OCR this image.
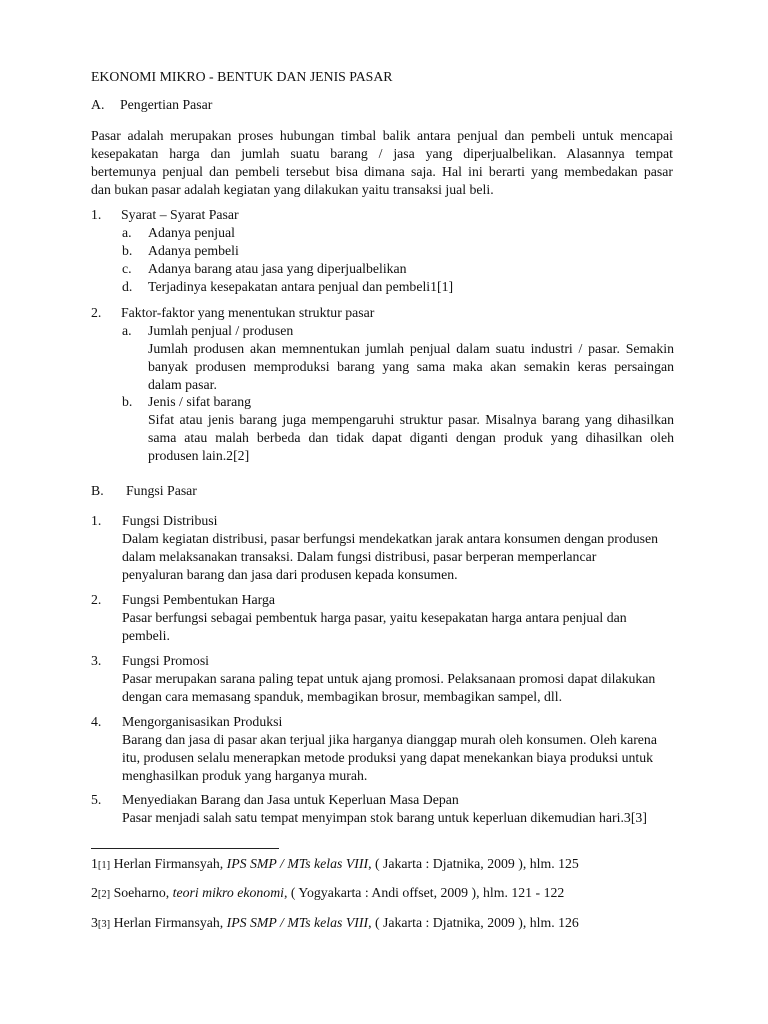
EKONOMI MIKRO - BENTUK DAN JENIS PASAR
A. Pengertian Pasar
Pasar adalah merupakan proses hubungan timbal balik antara penjual dan pembeli untuk mencapai
kesepakatan harga dan jumlah suatu barang / jasa yang diperjualbelikan. Alasannya tempat
bertemunya penjual dan pembeli tersebut bisa dimana saja. Hal ini berarti yang membedakan pasar
dan bukan pasar adalah kegiatan yang dilakukan yaitu transaksi jual beli.
1. Syarat – Syarat Pasar
a. Adanya penjual
b. Adanya pembeli
c. Adanya barang atau jasa yang diperjualbelikan
d. Terjadinya kesepakatan antara penjual dan pembeli1[1]
2. Faktor-faktor yang menentukan struktur pasar
a. Jumlah penjual / produsen
Jumlah produsen akan memnentukan jumlah penjual dalam suatu industri / pasar. Semakin
banyak produsen memproduksi barang yang sama maka akan semakin keras persaingan
dalam pasar.
b. Jenis / sifat barang
Sifat atau jenis barang juga mempengaruhi struktur pasar. Misalnya barang yang dihasilkan
sama atau malah berbeda dan tidak dapat diganti dengan produk yang dihasilkan oleh
produsen lain.2[2]
B. Fungsi Pasar
1. Fungsi Distribusi
Dalam kegiatan distribusi, pasar berfungsi mendekatkan jarak antara konsumen dengan produsen
dalam melaksanakan transaksi. Dalam fungsi distribusi, pasar berperan memperlancar
penyaluran barang dan jasa dari produsen kepada konsumen.
2. Fungsi Pembentukan Harga
Pasar berfungsi sebagai pembentuk harga pasar, yaitu kesepakatan harga antara penjual dan
pembeli.
3. Fungsi Promosi
Pasar merupakan sarana paling tepat untuk ajang promosi. Pelaksanaan promosi dapat dilakukan
dengan cara memasang spanduk, membagikan brosur, membagikan sampel, dll.
4. Mengorganisasikan Produksi
Barang dan jasa di pasar akan terjual jika harganya dianggap murah oleh konsumen. Oleh karena
itu, produsen selalu menerapkan metode produksi yang dapat menekankan biaya produksi untuk
menghasilkan produk yang harganya murah.
5. Menyediakan Barang dan Jasa untuk Keperluan Masa Depan
Pasar menjadi salah satu tempat menyimpan stok barang untuk keperluan dikemudian hari.3[3]
1[1] Herlan Firmansyah, IPS SMP / MTs kelas VIII, ( Jakarta : Djatnika, 2009 ), hlm. 125
2[2] Soeharno, teori mikro ekonomi, ( Yogyakarta : Andi offset, 2009 ), hlm. 121 - 122
3[3] Herlan Firmansyah, IPS SMP / MTs kelas VIII, ( Jakarta : Djatnika, 2009 ), hlm. 126
